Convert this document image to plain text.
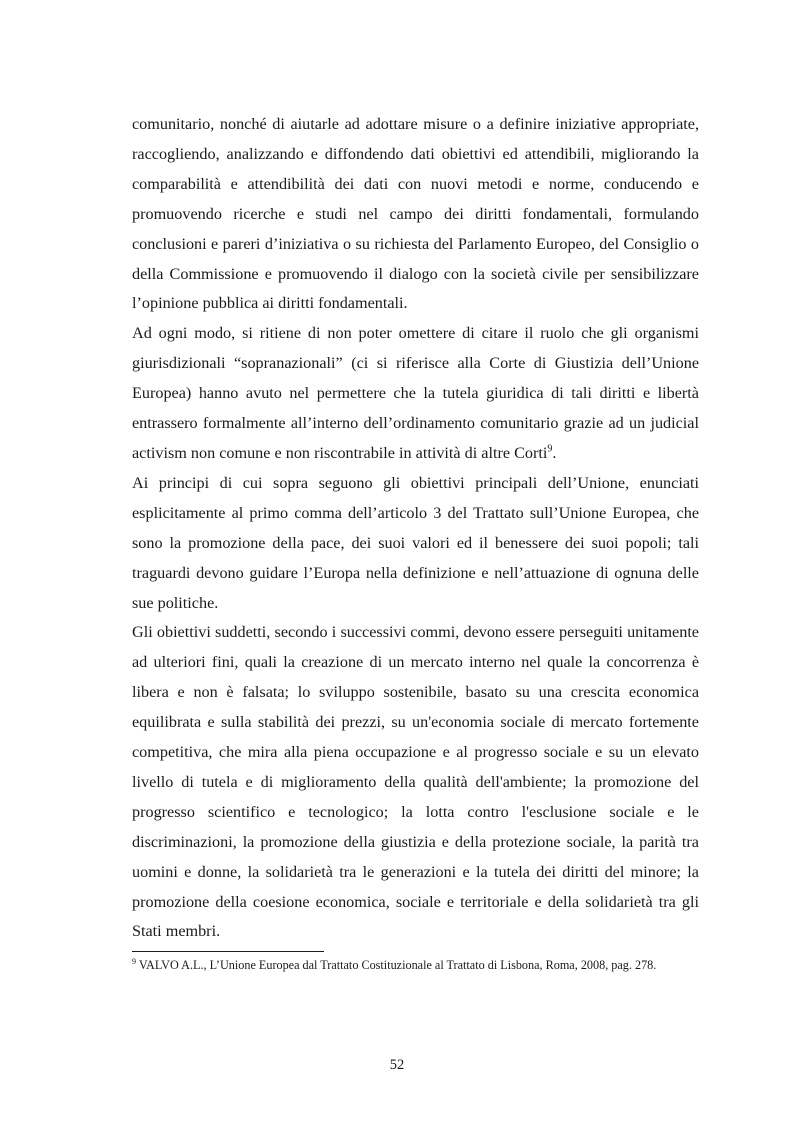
comunitario, nonché di aiutarle ad adottare misure o a definire iniziative appropriate, raccogliendo, analizzando e diffondendo dati obiettivi ed attendibili, migliorando la comparabilità e attendibilità dei dati con nuovi metodi e norme, conducendo e promuovendo ricerche e studi nel campo dei diritti fondamentali, formulando conclusioni e pareri d’iniziativa o su richiesta del Parlamento Europeo, del Consiglio o della Commissione e promuovendo il dialogo con la società civile per sensibilizzare l’opinione pubblica ai diritti fondamentali.

Ad ogni modo, si ritiene di non poter omettere di citare il ruolo che gli organismi giurisdizionali “sopranazionali” (ci si riferisce alla Corte di Giustizia dell’Unione Europea) hanno avuto nel permettere che la tutela giuridica di tali diritti e libertà entrassero formalmente all’interno dell’ordinamento comunitario grazie ad un judicial activism non comune e non riscontrabile in attività di altre Corti$^9$.

Ai principi di cui sopra seguono gli obiettivi principali dell’Unione, enunciati esplicitamente al primo comma dell’articolo 3 del Trattato sull’Unione Europea, che sono la promozione della pace, dei suoi valori ed il benessere dei suoi popoli; tali traguardi devono guidare l’Europa nella definizione e nell’attuazione di ognuna delle sue politiche.

Gli obiettivi suddetti, secondo i successivi commi, devono essere perseguiti unitamente ad ulteriori fini, quali la creazione di un mercato interno nel quale la concorrenza è libera e non è falsata; lo sviluppo sostenibile, basato su una crescita economica equilibrata e sulla stabilità dei prezzi, su un'economia sociale di mercato fortemente competitiva, che mira alla piena occupazione e al progresso sociale e su un elevato livello di tutela e di miglioramento della qualità dell'ambiente; la promozione del progresso scientifico e tecnologico; la lotta contro l'esclusione sociale e le discriminazioni, la promozione della giustizia e della protezione sociale, la parità tra uomini e donne, la solidarietà tra le generazioni e la tutela dei diritti del minore; la promozione della coesione economica, sociale e territoriale e della solidarietà tra gli Stati membri.

$^9$ VALVO A.L., L’Unione Europea dal Trattato Costituzionale al Trattato di Lisbona, Roma, 2008, pag. 278.
52
